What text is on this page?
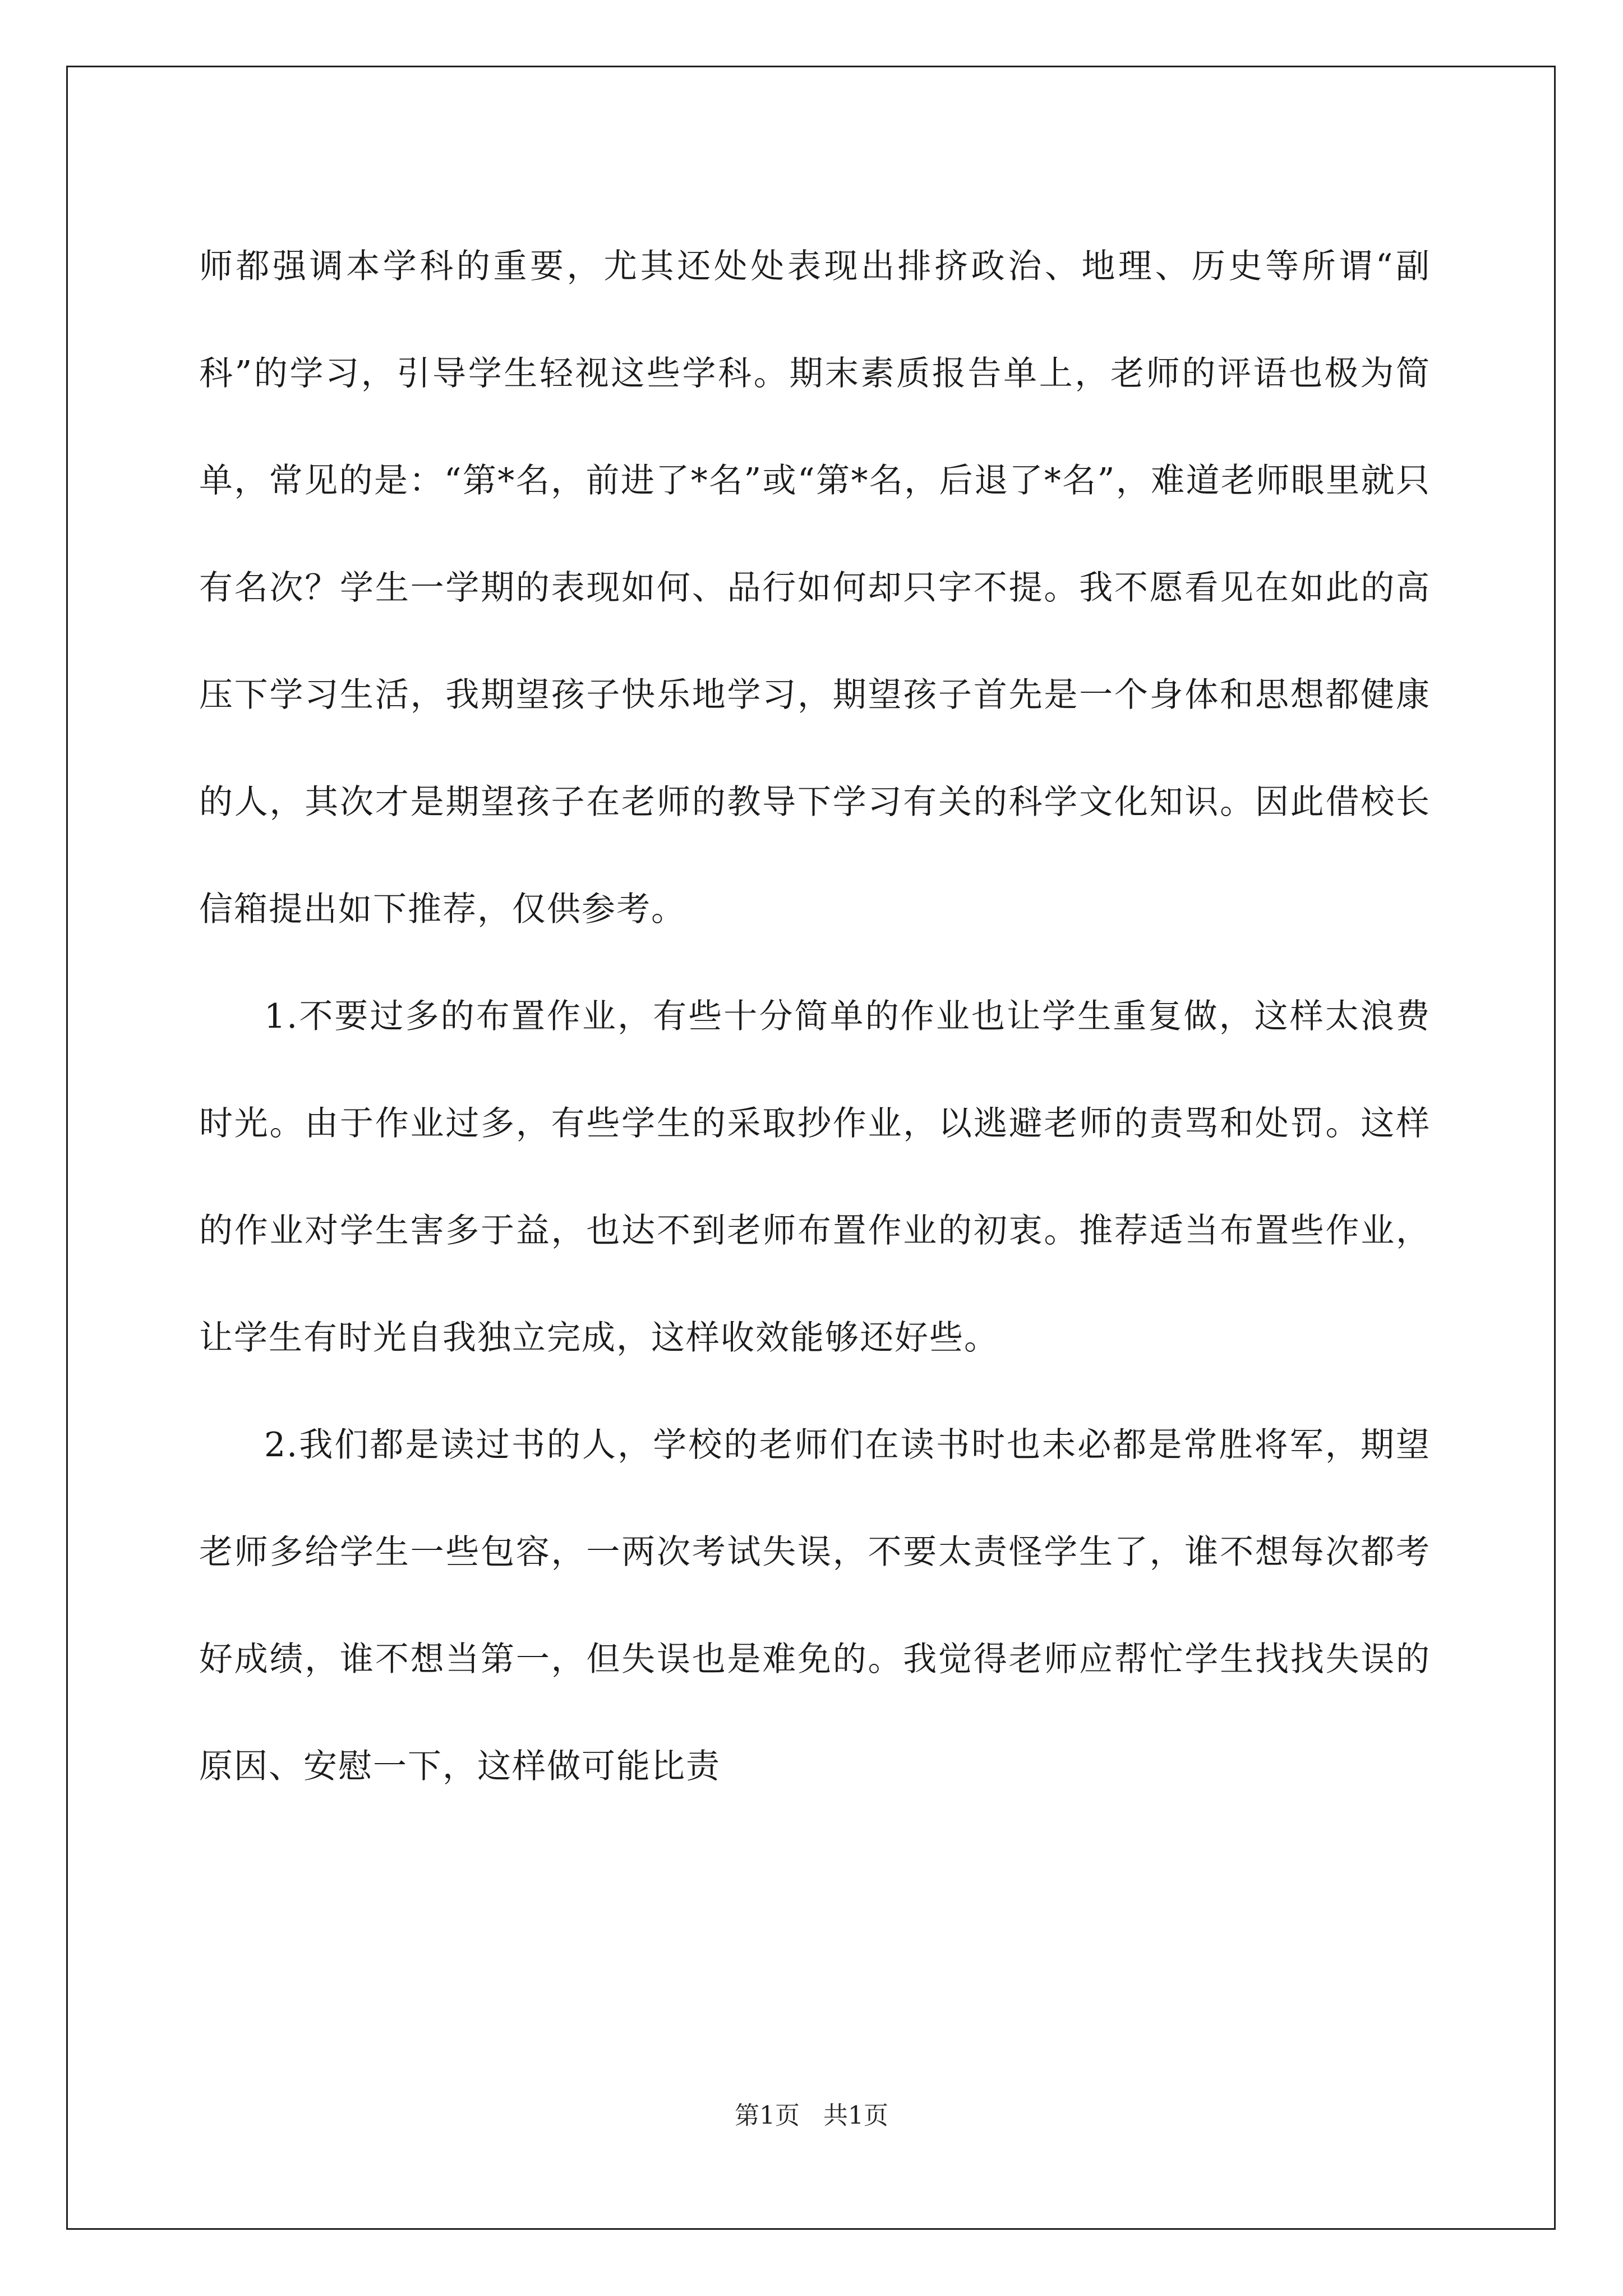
师都强调本学科的重要，尤其还处处表现出排挤政治、地理、历史等所谓“副科”的学习，引导学生轻视这些学科。期末素质报告单上，老师的评语也极为简单，常见的是：“第*名，前进了*名”或“第*名，后退了*名”，难道老师眼里就只有名次？学生一学期的表现如何、品行如何却只字不提。我不愿看见在如此的高压下学习生活，我期望孩子快乐地学习，期望孩子首先是一个身体和思想都健康的人，其次才是期望孩子在老师的教导下学习有关的科学文化知识。因此借校长信箱提出如下推荐，仅供参考。

1.不要过多的布置作业，有些十分简单的作业也让学生重复做，这样太浪费时光。由于作业过多，有些学生的采取抄作业，以逃避老师的责骂和处罚。这样的作业对学生害多于益，也达不到老师布置作业的初衷。推荐适当布置些作业，让学生有时光自我独立完成，这样收效能够还好些。

2.我们都是读过书的人，学校的老师们在读书时也未必都是常胜将军，期望老师多给学生一些包容，一两次考试失误，不要太责怪学生了，谁不想每次都考好成绩，谁不想当第一，但失误也是难免的。我觉得老师应帮忙学生找找失误的原因、安慰一下，这样做可能比责

第1页   共1页
